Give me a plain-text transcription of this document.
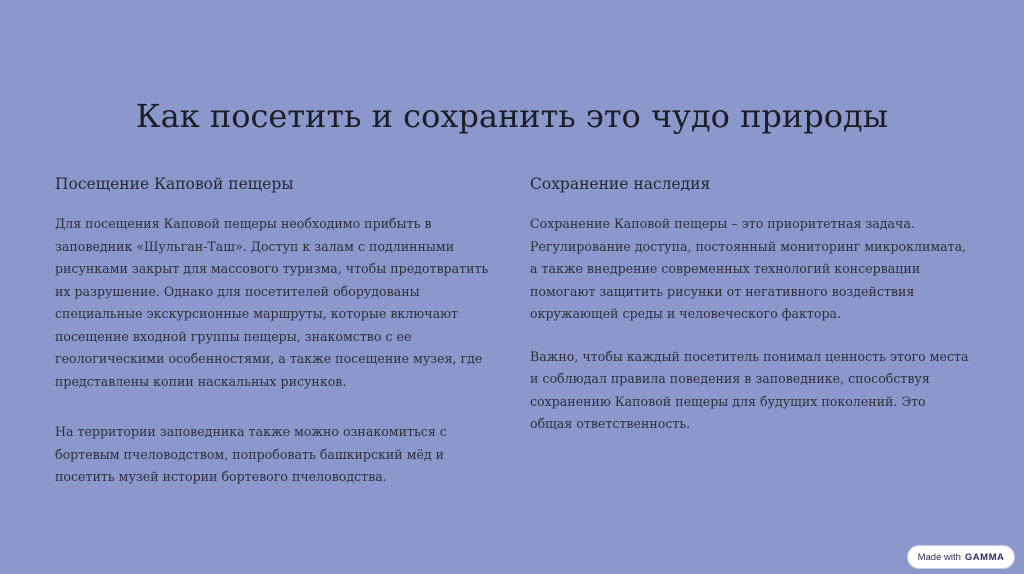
Как посетить и сохранить это чудо природы
Посещение Каповой пещеры

Для посещения Каповой пещеры необходимо прибыть в заповедник «Шульган-Таш». Доступ к залам с подлинными рисунками закрыт для массового туризма, чтобы предотвратить их разрушение. Однако для посетителей оборудованы специальные экскурсионные маршруты, которые включают посещение входной группы пещеры, знакомство с ее геологическими особенностями, а также посещение музея, где представлены копии наскальных рисунков.

На территории заповедника также можно ознакомиться с бортевым пчеловодством, попробовать башкирский мёд и посетить музей истории бортевого пчеловодства.

Сохранение наследия

Сохранение Каповой пещеры – это приоритетная задача. Регулирование доступа, постоянный мониторинг микроклимата, а также внедрение современных технологий консервации помогают защитить рисунки от негативного воздействия окружающей среды и человеческого фактора.

Важно, чтобы каждый посетитель понимал ценность этого места и соблюдал правила поведения в заповеднике, способствуя сохранению Каповой пещеры для будущих поколений. Это общая ответственность.

Made with GAMMA
